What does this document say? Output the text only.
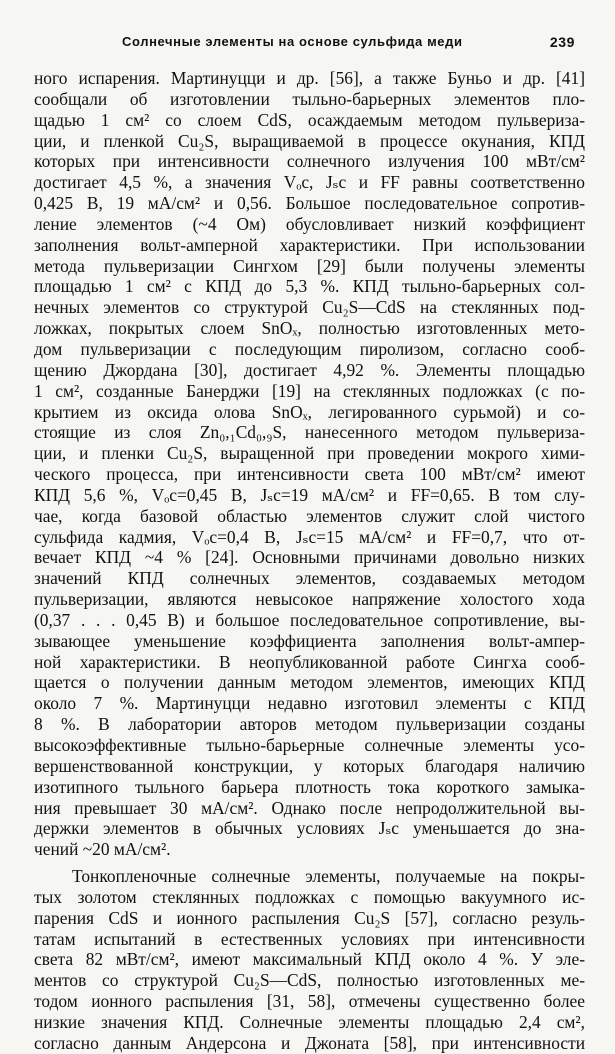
Солнечные элементы на основе сульфида меди	239

ного испарения. Мартинуцци и др. [56], а также Буньо и др. [41]

сообщали об изготовлении тыльно-барьерных элементов пло-

щадью 1 см² со слоем CdS, осаждаемым методом пульвериза-

ции, и пленкой Cu₂S, выращиваемой в процессе окунания, КПД

которых при интенсивности солнечного излучения 100 мВт/см²

достигает 4,5 %, а значения Vₒc, Jₛc и FF равны соответственно

0,425 В, 19 мА/см² и 0,56. Большое последовательное сопротив-

ление элементов (~4 Ом) обусловливает низкий коэффициент

заполнения вольт-амперной характеристики. При использовании

метода пульверизации Сингхом [29] были получены элементы

площадью 1 см² с КПД до 5,3 %. КПД тыльно-барьерных сол-

нечных элементов со структурой Cu₂S—CdS на стеклянных под-

ложках, покрытых слоем SnOₓ, полностью изготовленных мето-

дом пульверизации с последующим пиролизом, согласно сооб-

щению Джордана [30], достигает 4,92 %. Элементы площадью

1 см², созданные Банерджи [19] на стеклянных подложках (с по-

крытием из оксида олова SnOₓ, легированного сурьмой) и со-

стоящие из слоя Zn₀,₁Cd₀,₉S, нанесенного методом пульвериза-

ции, и пленки Cu₂S, выращенной при проведении мокрого хими-

ческого процесса, при интенсивности света 100 мВт/см² имеют

КПД 5,6 %, Vₒc=0,45 В, Jₛc=19 мА/см² и FF=0,65. В том слу-

чае, когда базовой областью элементов служит слой чистого

сульфида кадмия, Vₒc=0,4 В, Jₛc=15 мА/см² и FF=0,7, что от-

вечает КПД ~4 % [24]. Основными причинами довольно низких

значений КПД солнечных элементов, создаваемых методом

пульверизации, являются невысокое напряжение холостого хода

(0,37 . . . 0,45 В) и большое последовательное сопротивление, вы-

зывающее уменьшение коэффициента заполнения вольт-ампер-

ной характеристики. В неопубликованной работе Сингха сооб-

щается о получении данным методом элементов, имеющих КПД

около 7 %. Мартинуцци недавно изготовил элементы с КПД

8 %. В лаборатории авторов методом пульверизации созданы

высокоэффективные тыльно-барьерные солнечные элементы усо-

вершенствованной конструкции, у которых благодаря наличию

изотипного тыльного барьера плотность тока короткого замыка-

ния превышает 30 мА/см². Однако после непродолжительной вы-

держки элементов в обычных условиях Jₛc уменьшается до зна-

чений ~20 мА/см².

Тонкопленочные солнечные элементы, получаемые на покры-

тых золотом стеклянных подложках с помощью вакуумного ис-

парения CdS и ионного распыления Cu₂S [57], согласно резуль-

татам испытаний в естественных условиях при интенсивности

света 82 мВт/см², имеют максимальный КПД около 4 %. У эле-

ментов со структурой Cu₂S—CdS, полностью изготовленных ме-

тодом ионного распыления [31, 58], отмечены существенно более

низкие значения КПД. Солнечные элементы площадью 2,4 см²,

согласно данным Андерсона и Джоната [58], при интенсивности
